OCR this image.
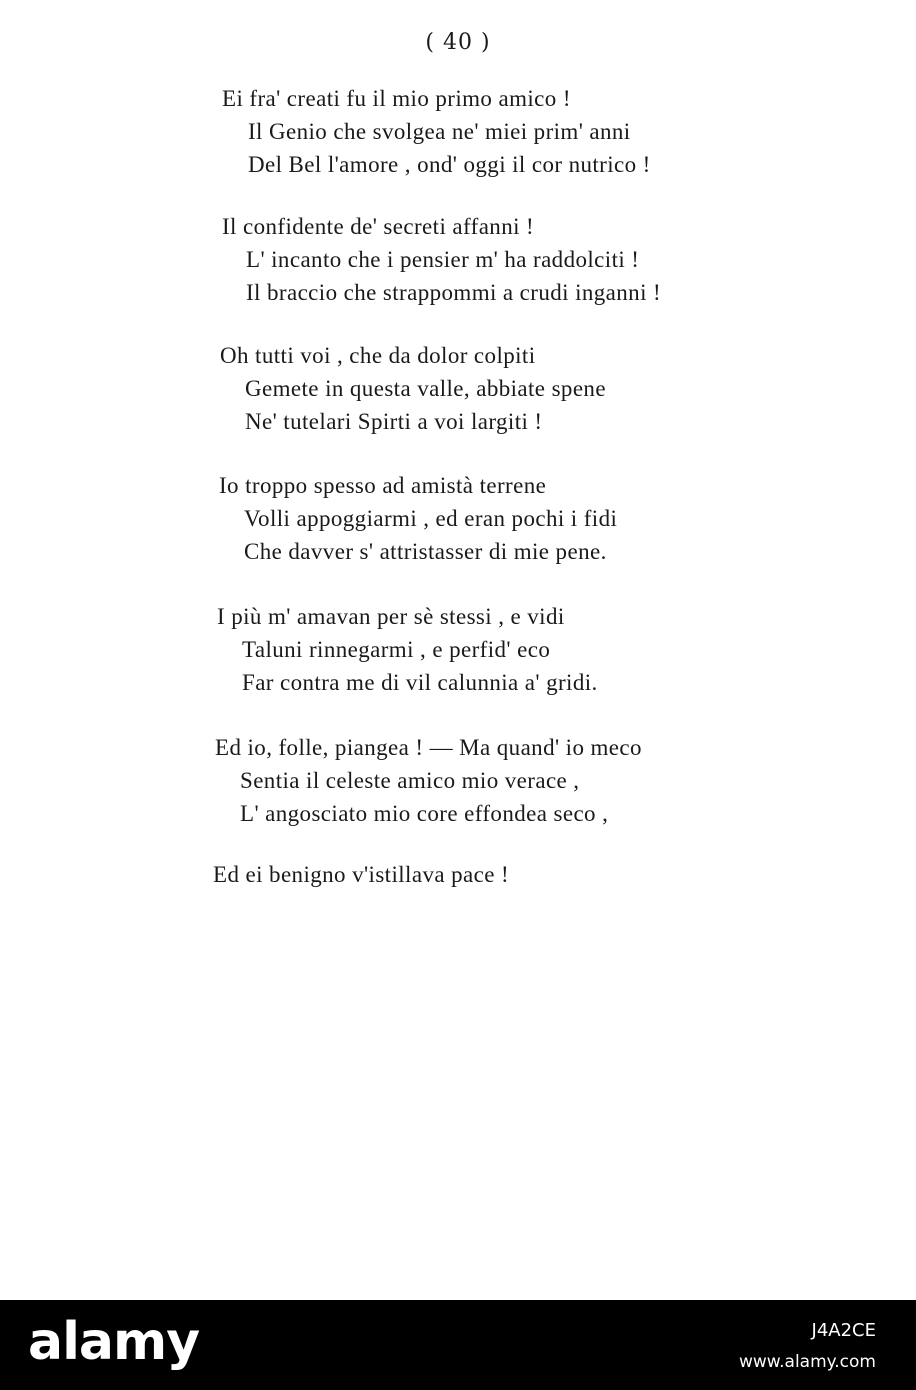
( 40 )
Ei fra' creati fu il mio primo amico !
Il Genio che svolgea ne' miei prim' anni
Del Bel l'amore , ond' oggi il cor nutrico !
Il confidente de' secreti affanni !
L' incanto che i pensier m' ha raddolciti !
Il braccio che strappommi a crudi inganni !
Oh tutti voi , che da dolor colpiti
Gemete in questa valle, abbiate spene
Ne' tutelari Spirti a voi largiti !
Io troppo spesso ad amistà terrene
Volli appoggiarmi , ed eran pochi i fidi
Che davver s' attristasser di mie pene.
I più m' amavan per sè stessi , e vidi
Taluni rinnegarmi , e perfid' eco
Far contra me di vil calunnia a' gridi.
Ed io, folle, piangea ! — Ma quand' io meco
Sentia il celeste amico mio verace ,
L' angosciato mio core effondea seco ,
Ed ei benigno v'istillava pace !
alamy	J4A2CE
www.alamy.com
